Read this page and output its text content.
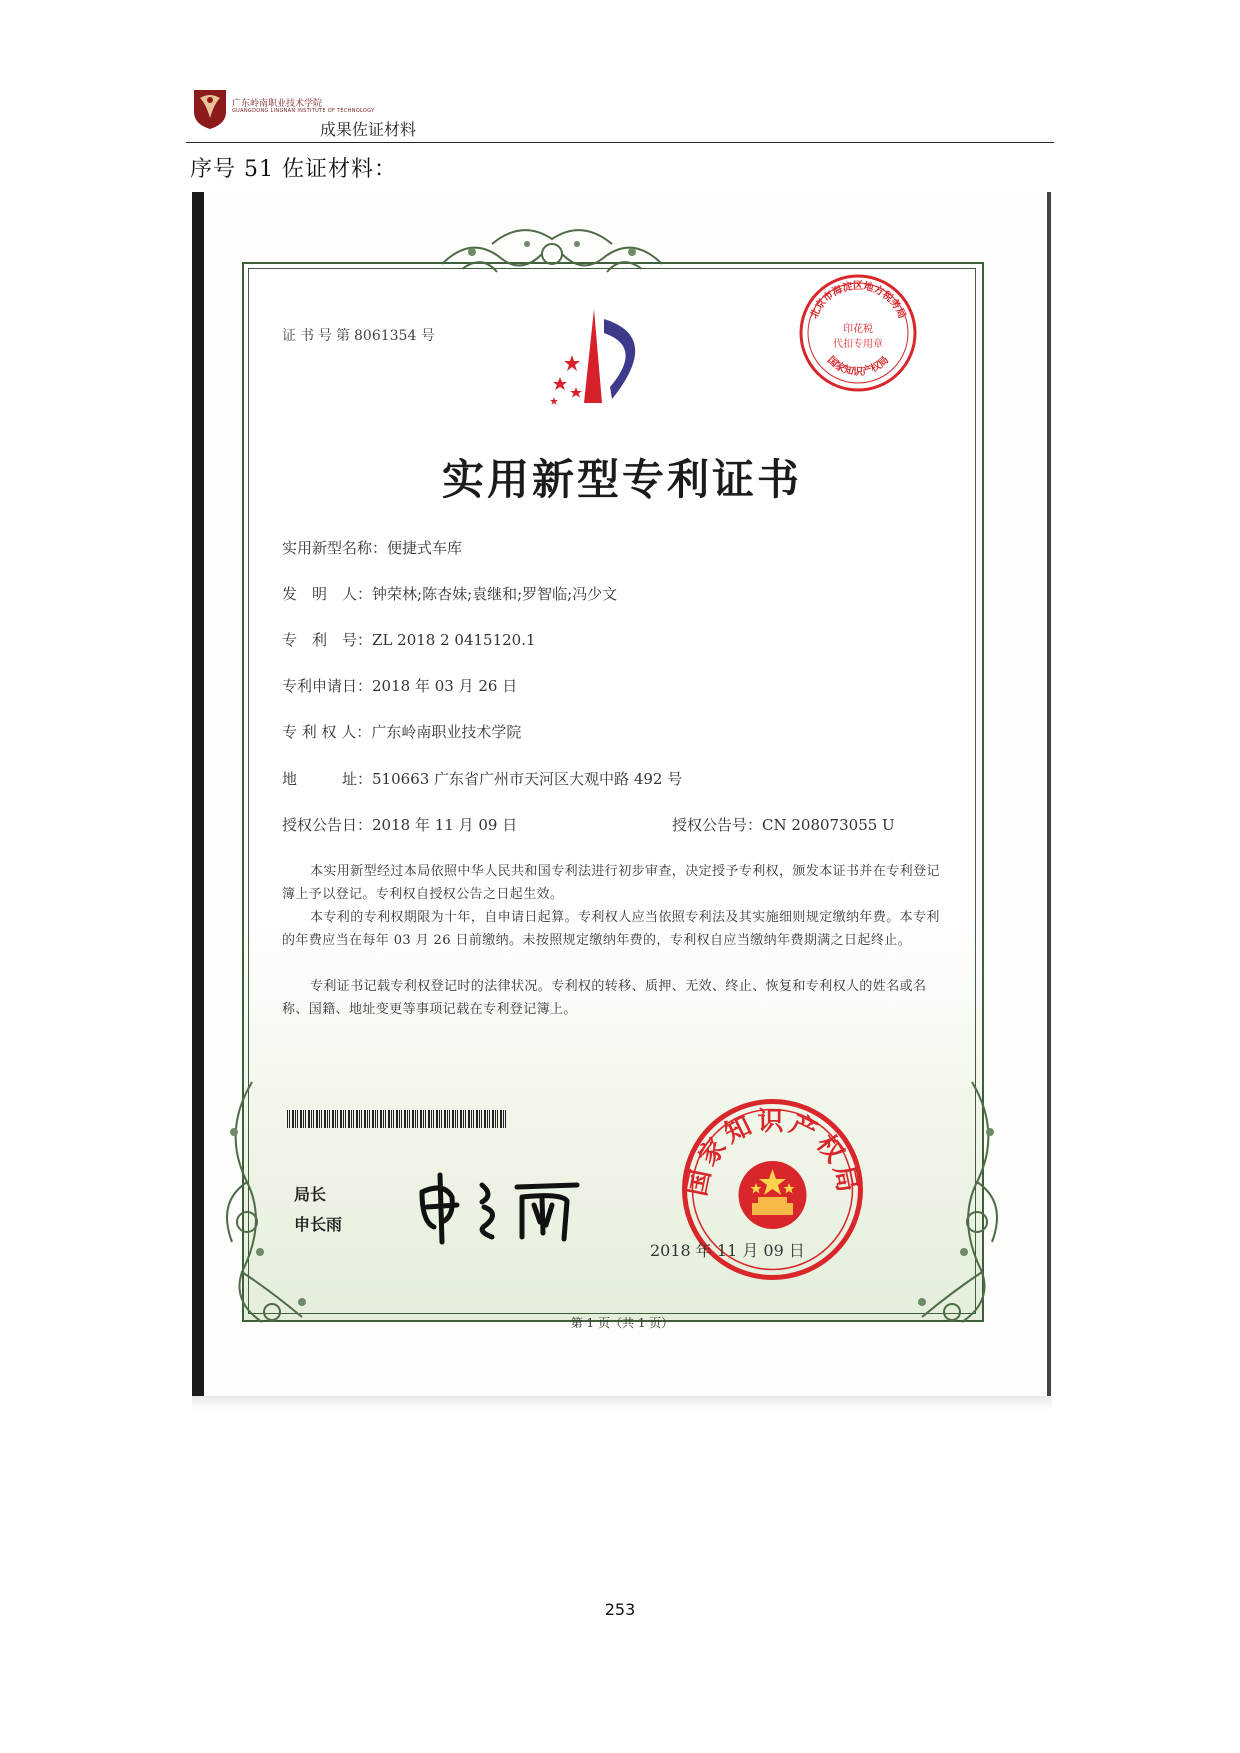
广东岭南职业技术学院
GUANGDONG LINGNAN INSTITUTE OF TECHNOLOGY
成果佐证材料
序号 51 佐证材料：
证书号第8061354 号
北京市海淀区地方税务局
印花税
代扣专用章
国家知识产权局
实用新型专利证书
实用新型名称：便捷式车库
发　明　人：钟荣林;陈杏妹;袁继和;罗智临;冯少文
专　利　号：ZL 2018 2 0415120.1
专利申请日：2018 年 03 月 26 日
专 利 权 人：广东岭南职业技术学院
地　　　址：510663 广东省广州市天河区大观中路 492 号
授权公告日：2018 年 11 月 09 日	授权公告号：CN 208073055 U
本实用新型经过本局依照中华人民共和国专利法进行初步审查，决定授予专利权，颁发本证书并在专利登记簿上予以登记。专利权自授权公告之日起生效。
本专利的专利权期限为十年，自申请日起算。专利权人应当依照专利法及其实施细则规定缴纳年费。本专利的年费应当在每年 03 月 26 日前缴纳。未按照规定缴纳年费的，专利权自应当缴纳年费期满之日起终止。
专利证书记载专利权登记时的法律状况。专利权的转移、质押、无效、终止、恢复和专利权人的姓名或名称、国籍、地址变更等事项记载在专利登记簿上。
局长
申长雨
国家知识产权局
2018 年 11 月 09 日
第 1 页（共 1 页）
253
